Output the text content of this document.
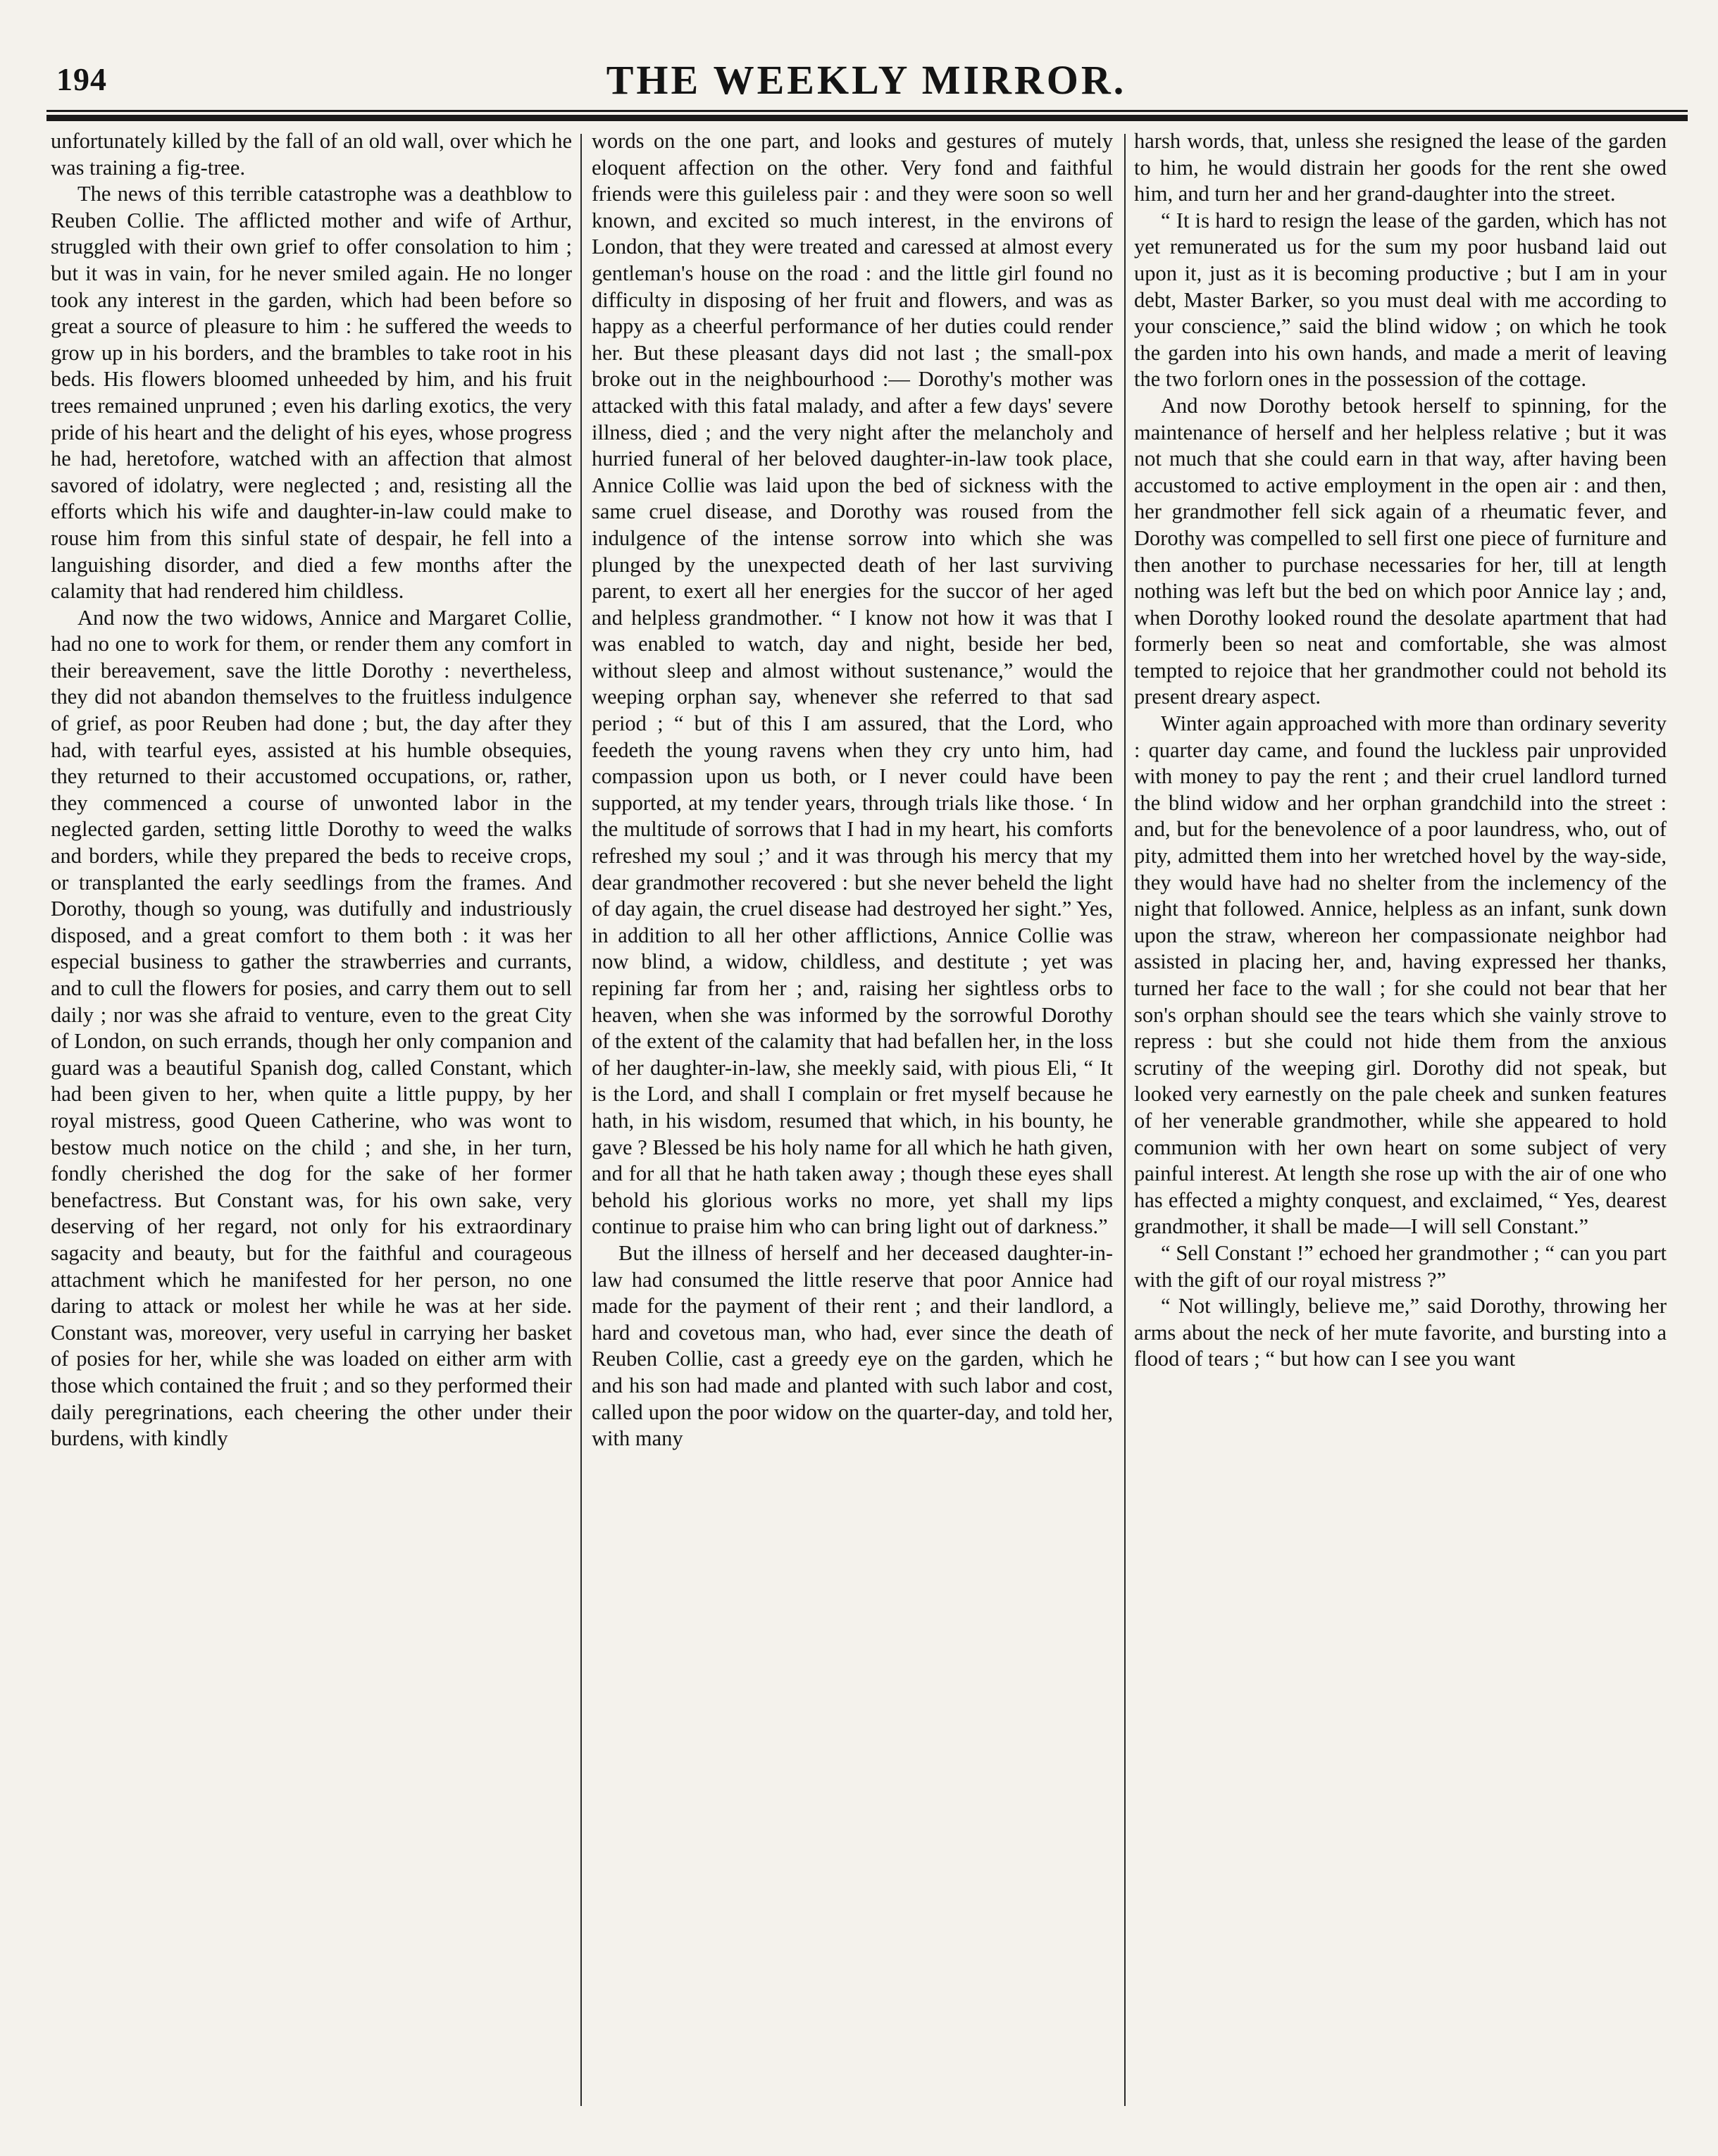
194	THE WEEKLY MIRROR.

unfortunately killed by the fall of an old wall, over which he was training a fig-tree.

The news of this terrible catastrophe was a deathblow to Reuben Collie. The afflicted mother and wife of Arthur, struggled with their own grief to offer consolation to him ; but it was in vain, for he never smiled again. He no longer took any interest in the garden, which had been before so great a source of pleasure to him : he suffered the weeds to grow up in his borders, and the brambles to take root in his beds. His flowers bloomed unheeded by him, and his fruit trees remained unpruned ; even his darling exotics, the very pride of his heart and the delight of his eyes, whose progress he had, heretofore, watched with an affection that almost savored of idolatry, were neglected ; and, resisting all the efforts which his wife and daughter-in-law could make to rouse him from this sinful state of despair, he fell into a languishing disorder, and died a few months after the calamity that had rendered him childless.

And now the two widows, Annice and Margaret Collie, had no one to work for them, or render them any comfort in their bereavement, save the little Dorothy : nevertheless, they did not abandon themselves to the fruitless indulgence of grief, as poor Reuben had done ; but, the day after they had, with tearful eyes, assisted at his humble obsequies, they returned to their accustomed occupations, or, rather, they commenced a course of unwonted labor in the neglected garden, setting little Dorothy to weed the walks and borders, while they prepared the beds to receive crops, or transplanted the early seedlings from the frames. And Dorothy, though so young, was dutifully and industriously disposed, and a great comfort to them both : it was her especial business to gather the strawberries and currants, and to cull the flowers for posies, and carry them out to sell daily ; nor was she afraid to venture, even to the great City of London, on such errands, though her only companion and guard was a beautiful Spanish dog, called Constant, which had been given to her, when quite a little puppy, by her royal mistress, good Queen Catherine, who was wont to bestow much notice on the child ; and she, in her turn, fondly cherished the dog for the sake of her former benefactress. But Constant was, for his own sake, very deserving of her regard, not only for his extraordinary sagacity and beauty, but for the faithful and courageous attachment which he manifested for her person, no one daring to attack or molest her while he was at her side. Constant was, moreover, very useful in carrying her basket of posies for her, while she was loaded on either arm with those which contained the fruit ; and so they performed their daily peregrinations, each cheering the other under their burdens, with kindly

words on the one part, and looks and gestures of mutely eloquent affection on the other. Very fond and faithful friends were this guileless pair : and they were soon so well known, and excited so much interest, in the environs of London, that they were treated and caressed at almost every gentleman's house on the road : and the little girl found no difficulty in disposing of her fruit and flowers, and was as happy as a cheerful performance of her duties could render her. But these pleasant days did not last ; the small-pox broke out in the neighbourhood :— Dorothy's mother was attacked with this fatal malady, and after a few days' severe illness, died ; and the very night after the melancholy and hurried funeral of her beloved daughter-in-law took place, Annice Collie was laid upon the bed of sickness with the same cruel disease, and Dorothy was roused from the indulgence of the intense sorrow into which she was plunged by the unexpected death of her last surviving parent, to exert all her energies for the succor of her aged and helpless grandmother. “ I know not how it was that I was enabled to watch, day and night, beside her bed, without sleep and almost without sustenance,” would the weeping orphan say, whenever she referred to that sad period ; “ but of this I am assured, that the Lord, who feedeth the young ravens when they cry unto him, had compassion upon us both, or I never could have been supported, at my tender years, through trials like those. ‘ In the multitude of sorrows that I had in my heart, his comforts refreshed my soul ;’ and it was through his mercy that my dear grandmother recovered : but she never beheld the light of day again, the cruel disease had destroyed her sight.” Yes, in addition to all her other afflictions, Annice Collie was now blind, a widow, childless, and destitute ; yet was repining far from her ; and, raising her sightless orbs to heaven, when she was informed by the sorrowful Dorothy of the extent of the calamity that had befallen her, in the loss of her daughter-in-law, she meekly said, with pious Eli, “ It is the Lord, and shall I complain or fret myself because he hath, in his wisdom, resumed that which, in his bounty, he gave ? Blessed be his holy name for all which he hath given, and for all that he hath taken away ; though these eyes shall behold his glorious works no more, yet shall my lips continue to praise him who can bring light out of darkness.”

But the illness of herself and her deceased daughter-in-law had consumed the little reserve that poor Annice had made for the payment of their rent ; and their landlord, a hard and covetous man, who had, ever since the death of Reuben Collie, cast a greedy eye on the garden, which he and his son had made and planted with such labor and cost, called upon the poor widow on the quarter-day, and told her, with many

harsh words, that, unless she resigned the lease of the garden to him, he would distrain her goods for the rent she owed him, and turn her and her grand-daughter into the street.

“ It is hard to resign the lease of the garden, which has not yet remunerated us for the sum my poor husband laid out upon it, just as it is becoming productive ; but I am in your debt, Master Barker, so you must deal with me according to your conscience,” said the blind widow ; on which he took the garden into his own hands, and made a merit of leaving the two forlorn ones in the possession of the cottage.

And now Dorothy betook herself to spinning, for the maintenance of herself and her helpless relative ; but it was not much that she could earn in that way, after having been accustomed to active employment in the open air : and then, her grandmother fell sick again of a rheumatic fever, and Dorothy was compelled to sell first one piece of furniture and then another to purchase necessaries for her, till at length nothing was left but the bed on which poor Annice lay ; and, when Dorothy looked round the desolate apartment that had formerly been so neat and comfortable, she was almost tempted to rejoice that her grandmother could not behold its present dreary aspect.

Winter again approached with more than ordinary severity : quarter day came, and found the luckless pair unprovided with money to pay the rent ; and their cruel landlord turned the blind widow and her orphan grandchild into the street : and, but for the benevolence of a poor laundress, who, out of pity, admitted them into her wretched hovel by the way-side, they would have had no shelter from the inclemency of the night that followed. Annice, helpless as an infant, sunk down upon the straw, whereon her compassionate neighbor had assisted in placing her, and, having expressed her thanks, turned her face to the wall ; for she could not bear that her son's orphan should see the tears which she vainly strove to repress : but she could not hide them from the anxious scrutiny of the weeping girl. Dorothy did not speak, but looked very earnestly on the pale cheek and sunken features of her venerable grandmother, while she appeared to hold communion with her own heart on some subject of very painful interest. At length she rose up with the air of one who has effected a mighty conquest, and exclaimed, “ Yes, dearest grandmother, it shall be made—I will sell Constant.”

“ Sell Constant !” echoed her grandmother ; “ can you part with the gift of our royal mistress ?”

“ Not willingly, believe me,” said Dorothy, throwing her arms about the neck of her mute favorite, and bursting into a flood of tears ; “ but how can I see you want
